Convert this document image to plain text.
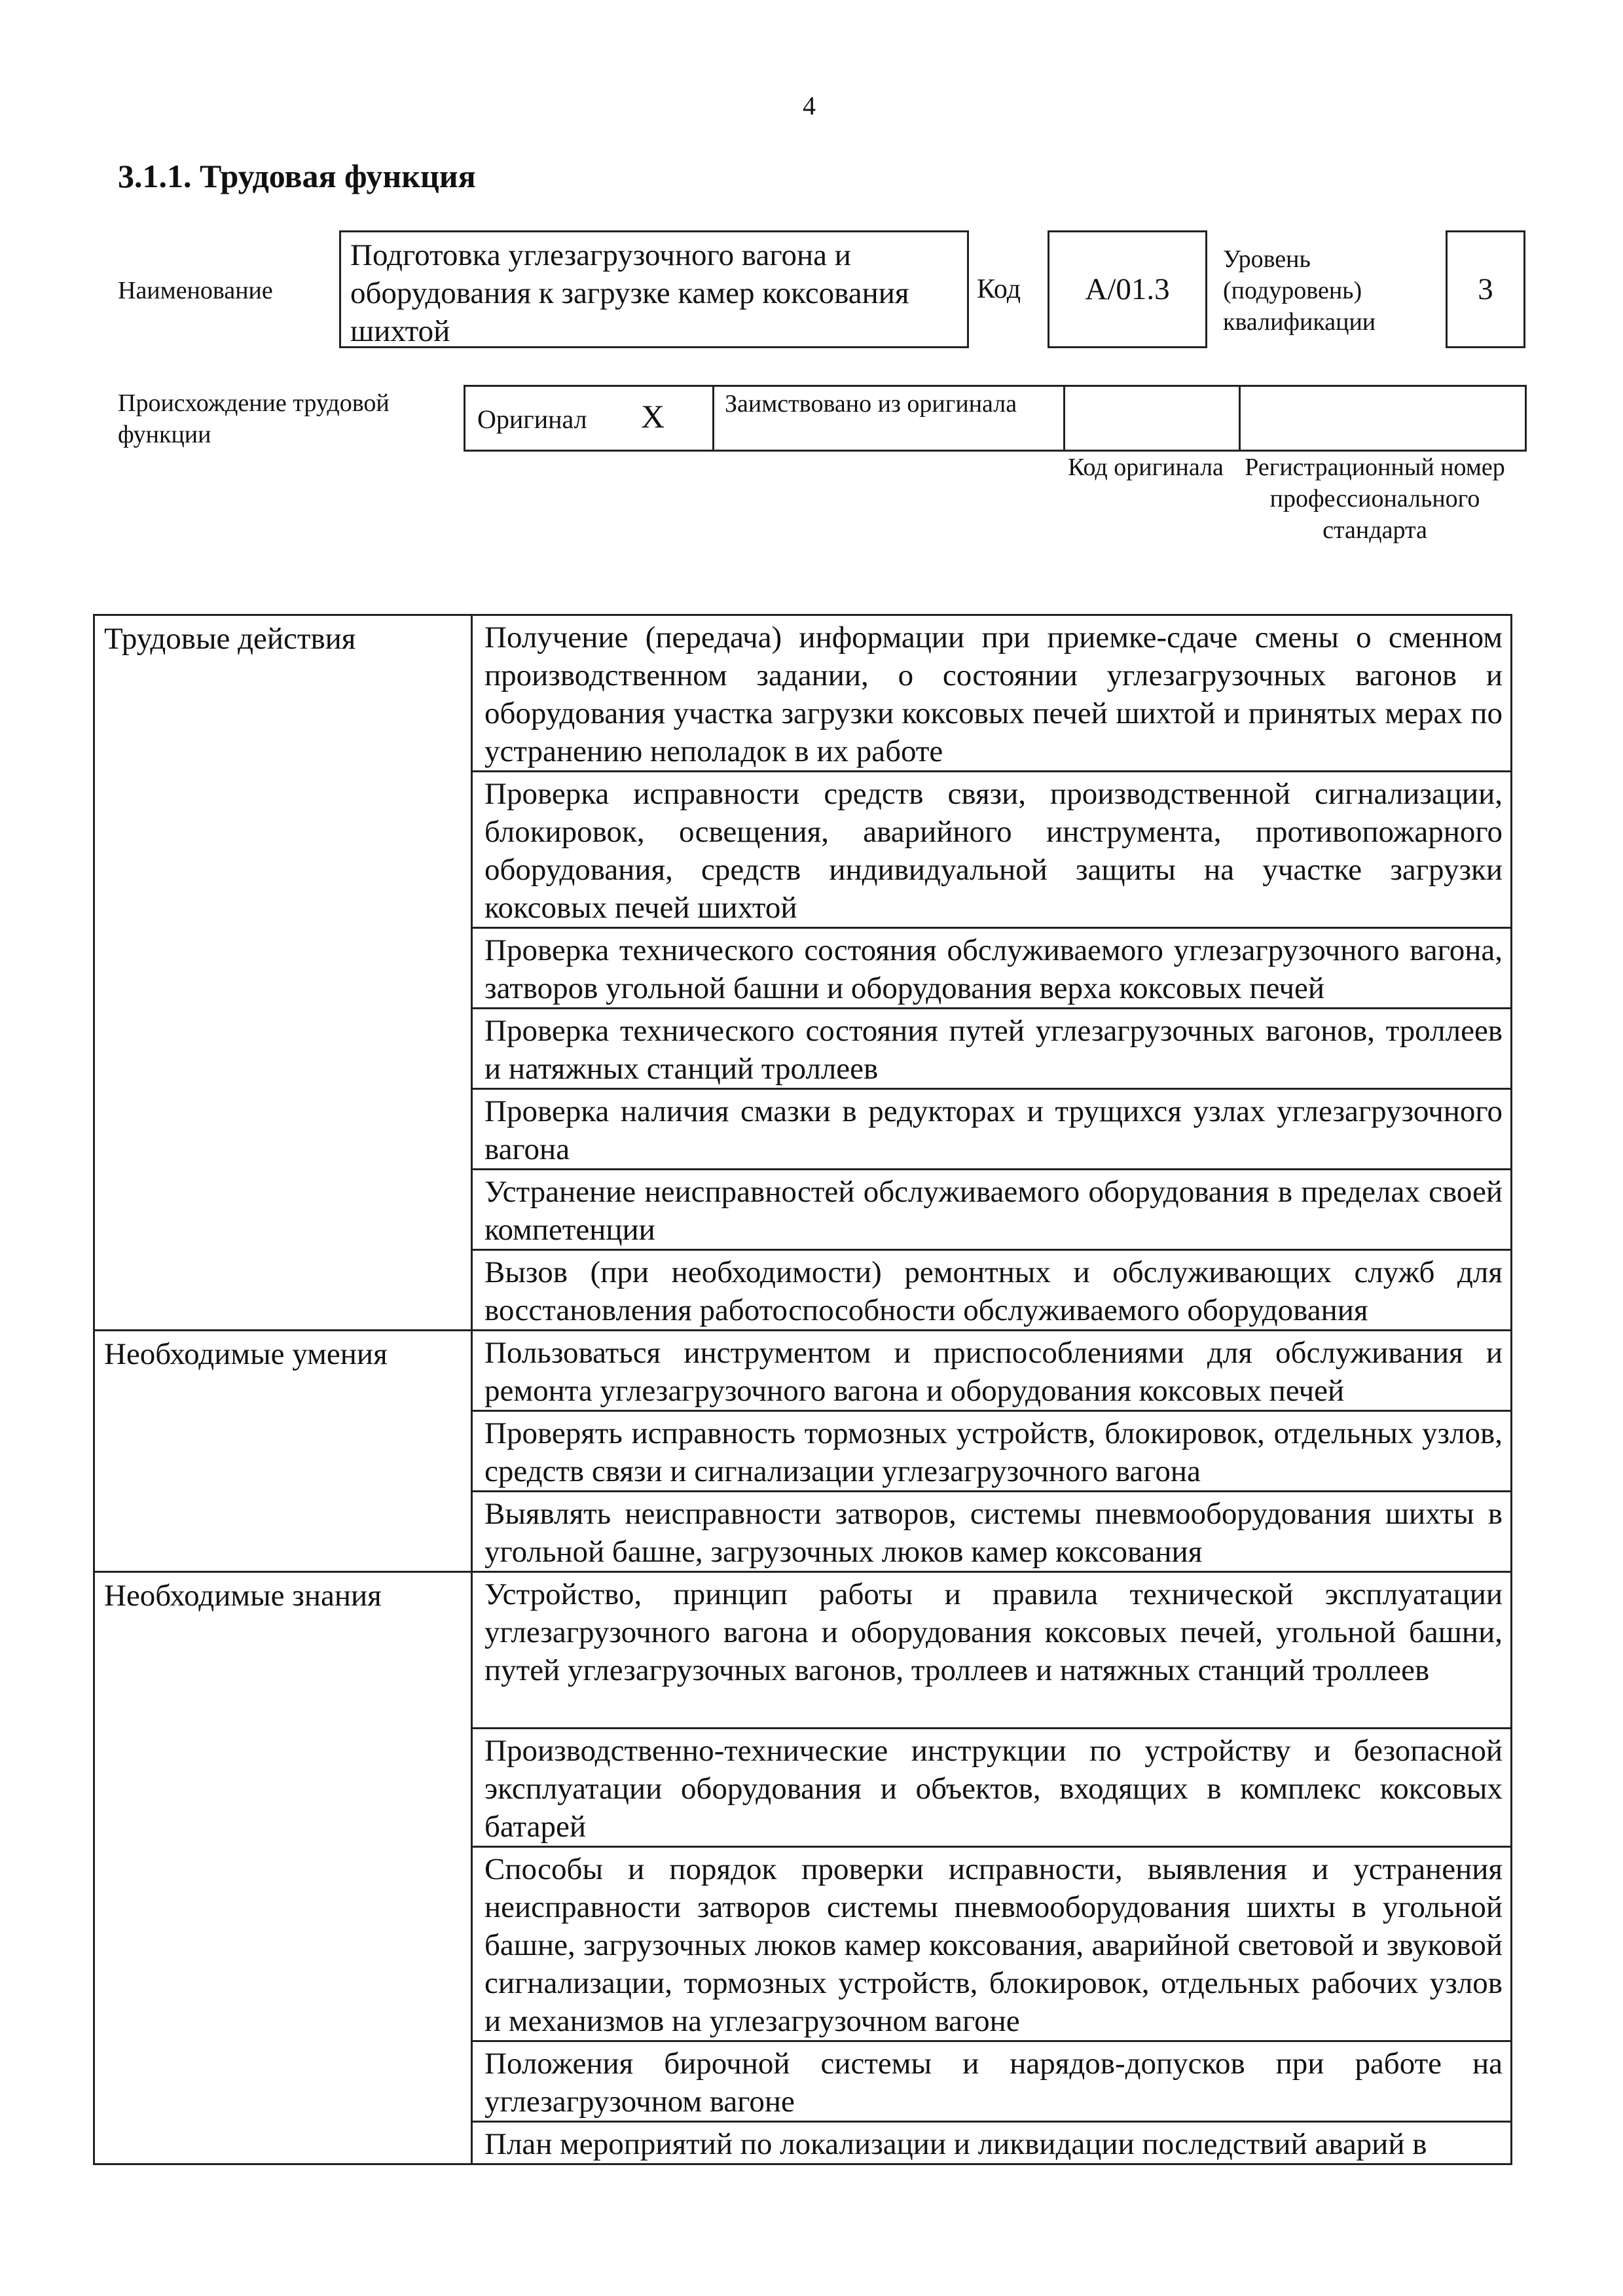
4
3.1.1. Трудовая функция
Наименование
Подготовка углезагрузочного вагона и оборудования к загрузке камер коксования шихтой
Код А/01.3
Уровень (подуровень) квалификации
3
Происхождение трудовой функции
Оригинал X Заимствовано из оригинала
Код оригинала Регистрационный номер профессионального стандарта
Трудовые действия	Получение (передача) информации при приемке-сдаче смены о сменном производственном задании, о состоянии углезагрузочных вагонов и оборудования участка загрузки коксовых печей шихтой и принятых мерах по устранению неполадок в их работе
	Проверка исправности средств связи, производственной сигнализации, блокировок, освещения, аварийного инструмента, противопожарного оборудования, средств индивидуальной защиты на участке загрузки коксовых печей шихтой
	Проверка технического состояния обслуживаемого углезагрузочного вагона, затворов угольной башни и оборудования верха коксовых печей
	Проверка технического состояния путей углезагрузочных вагонов, троллеев и натяжных станций троллеев
	Проверка наличия смазки в редукторах и трущихся узлах углезагрузочного вагона
	Устранение неисправностей обслуживаемого оборудования в пределах своей компетенции
	Вызов (при необходимости) ремонтных и обслуживающих служб для восстановления работоспособности обслуживаемого оборудования
Необходимые умения	Пользоваться инструментом и приспособлениями для обслуживания и ремонта углезагрузочного вагона и оборудования коксовых печей
	Проверять исправность тормозных устройств, блокировок, отдельных узлов, средств связи и сигнализации углезагрузочного вагона
	Выявлять неисправности затворов, системы пневмооборудования шихты в угольной башне, загрузочных люков камер коксования
Необходимые знания	Устройство, принцип работы и правила технической эксплуатации углезагрузочного вагона и оборудования коксовых печей, угольной башни, путей углезагрузочных вагонов, троллеев и натяжных станций троллеев
	Производственно-технические инструкции по устройству и безопасной эксплуатации оборудования и объектов, входящих в комплекс коксовых батарей
	Способы и порядок проверки исправности, выявления и устранения неисправности затворов системы пневмооборудования шихты в угольной башне, загрузочных люков камер коксования, аварийной световой и звуковой сигнализации, тормозных устройств, блокировок, отдельных рабочих узлов и механизмов на углезагрузочном вагоне
	Положения бирочной системы и нарядов-допусков при работе на углезагрузочном вагоне
	План мероприятий по локализации и ликвидации последствий аварий в
